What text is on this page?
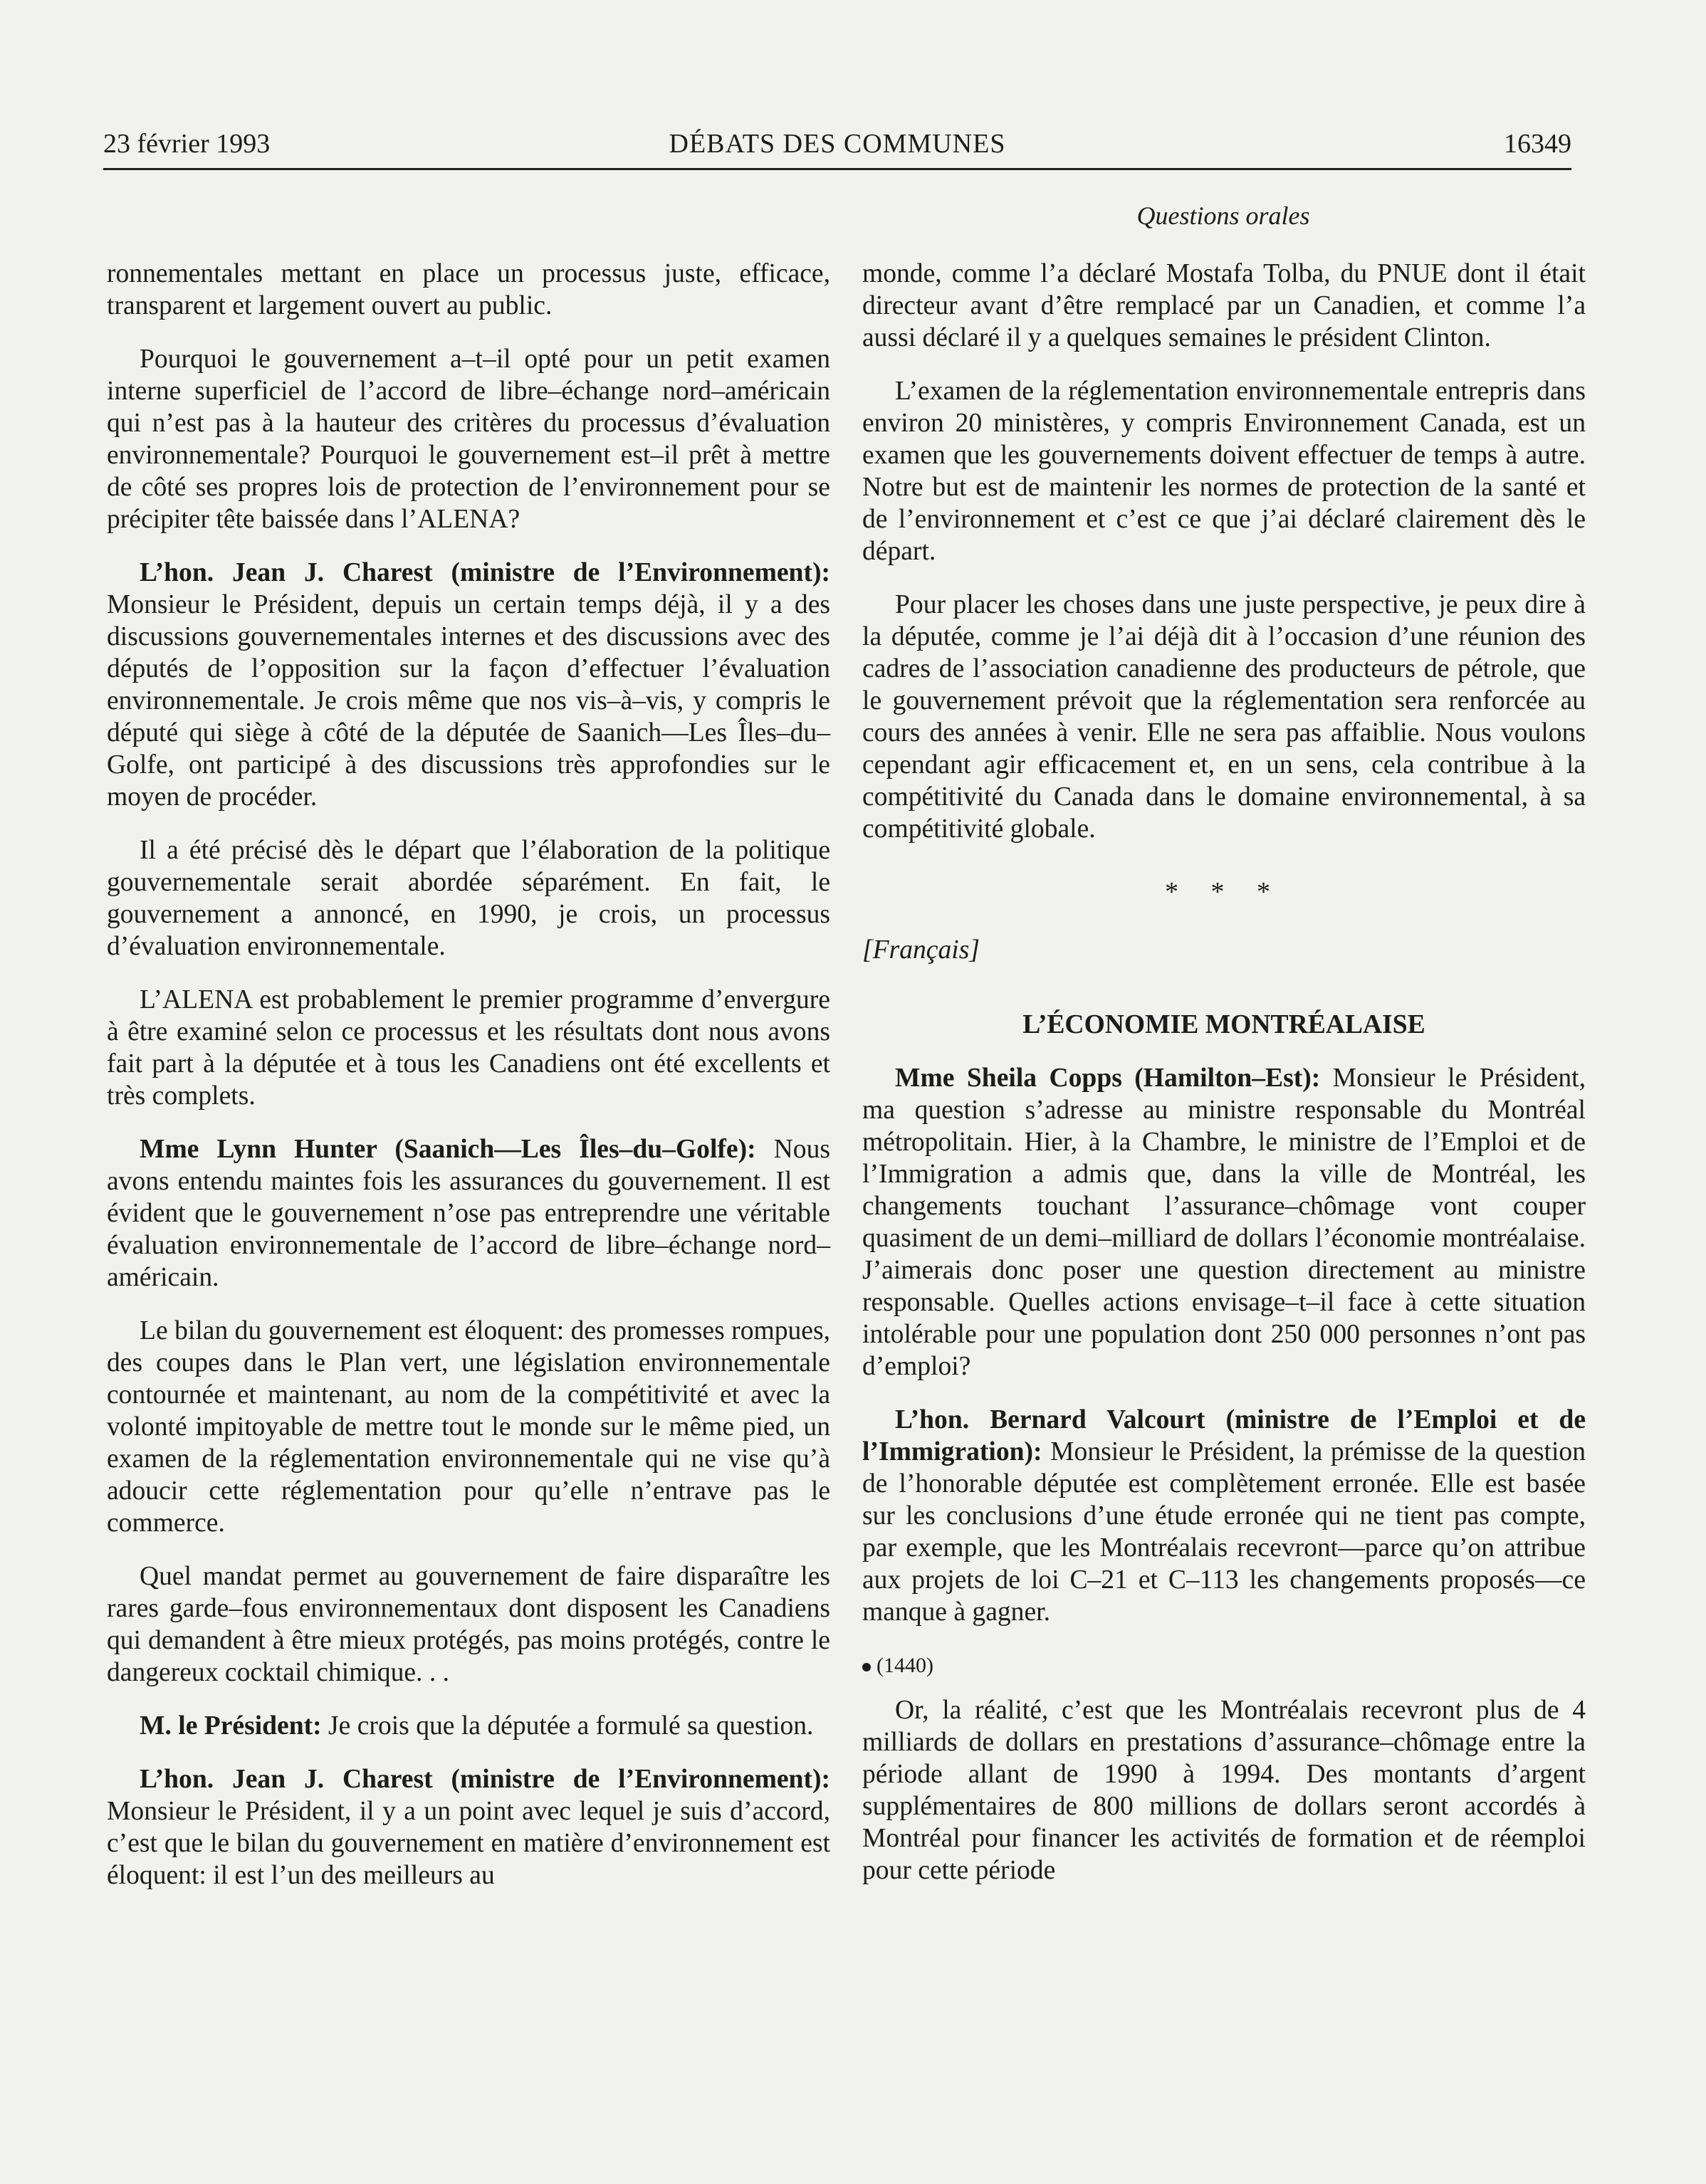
23 février 1993	DÉBATS DES COMMUNES	16349
Questions orales

ronnementales mettant en place un processus juste, efficace, transparent et largement ouvert au public.

Pourquoi le gouvernement a–t–il opté pour un petit examen interne superficiel de l’accord de libre–échange nord–américain qui n’est pas à la hauteur des critères du processus d’évaluation environnementale? Pourquoi le gouvernement est–il prêt à mettre de côté ses propres lois de protection de l’environnement pour se précipiter tête baissée dans l’ALENA?

L’hon. Jean J. Charest (ministre de l’Environnement): Monsieur le Président, depuis un certain temps déjà, il y a des discussions gouvernementales internes et des discussions avec des députés de l’opposition sur la façon d’effectuer l’évaluation environnementale. Je crois même que nos vis–à–vis, y compris le député qui siège à côté de la députée de Saanich—Les Îles–du–Golfe, ont participé à des discussions très approfondies sur le moyen de procéder.

Il a été précisé dès le départ que l’élaboration de la politique gouvernementale serait abordée séparément. En fait, le gouvernement a annoncé, en 1990, je crois, un processus d’évaluation environnementale.

L’ALENA est probablement le premier programme d’envergure à être examiné selon ce processus et les résultats dont nous avons fait part à la députée et à tous les Canadiens ont été excellents et très complets.

Mme Lynn Hunter (Saanich—Les Îles–du–Golfe): Nous avons entendu maintes fois les assurances du gouvernement. Il est évident que le gouvernement n’ose pas entreprendre une véritable évaluation environnementale de l’accord de libre–échange nord–américain.

Le bilan du gouvernement est éloquent: des promesses rompues, des coupes dans le Plan vert, une législation environnementale contournée et maintenant, au nom de la compétitivité et avec la volonté impitoyable de mettre tout le monde sur le même pied, un examen de la réglementation environnementale qui ne vise qu’à adoucir cette réglementation pour qu’elle n’entrave pas le commerce.

Quel mandat permet au gouvernement de faire disparaître les rares garde–fous environnementaux dont disposent les Canadiens qui demandent à être mieux protégés, pas moins protégés, contre le dangereux cocktail chimique. . .

M. le Président: Je crois que la députée a formulé sa question.

L’hon. Jean J. Charest (ministre de l’Environnement): Monsieur le Président, il y a un point avec lequel je suis d’accord, c’est que le bilan du gouvernement en matière d’environnement est éloquent: il est l’un des meilleurs au

monde, comme l’a déclaré Mostafa Tolba, du PNUE dont il était directeur avant d’être remplacé par un Canadien, et comme l’a aussi déclaré il y a quelques semaines le président Clinton.

L’examen de la réglementation environnementale entrepris dans environ 20 ministères, y compris Environnement Canada, est un examen que les gouvernements doivent effectuer de temps à autre. Notre but est de maintenir les normes de protection de la santé et de l’environnement et c’est ce que j’ai déclaré clairement dès le départ.

Pour placer les choses dans une juste perspective, je peux dire à la députée, comme je l’ai déjà dit à l’occasion d’une réunion des cadres de l’association canadienne des producteurs de pétrole, que le gouvernement prévoit que la réglementation sera renforcée au cours des années à venir. Elle ne sera pas affaiblie. Nous voulons cependant agir efficacement et, en un sens, cela contribue à la compétitivité du Canada dans le domaine environnemental, à sa compétitivité globale.

* * *
[Français]
L’ÉCONOMIE MONTRÉALAISE

Mme Sheila Copps (Hamilton–Est): Monsieur le Président, ma question s’adresse au ministre responsable du Montréal métropolitain. Hier, à la Chambre, le ministre de l’Emploi et de l’Immigration a admis que, dans la ville de Montréal, les changements touchant l’assurance–chômage vont couper quasiment de un demi–milliard de dollars l’économie montréalaise. J’aimerais donc poser une question directement au ministre responsable. Quelles actions envisage–t–il face à cette situation intolérable pour une population dont 250 000 personnes n’ont pas d’emploi?

L’hon. Bernard Valcourt (ministre de l’Emploi et de l’Immigration): Monsieur le Président, la prémisse de la question de l’honorable députée est complètement erronée. Elle est basée sur les conclusions d’une étude erronée qui ne tient pas compte, par exemple, que les Montréalais recevront—parce qu’on attribue aux projets de loi C–21 et C–113 les changements proposés—ce manque à gagner.

(1440)

Or, la réalité, c’est que les Montréalais recevront plus de 4 milliards de dollars en prestations d’assurance–chômage entre la période allant de 1990 à 1994. Des montants d’argent supplémentaires de 800 millions de dollars seront accordés à Montréal pour financer les activités de formation et de réemploi pour cette période
